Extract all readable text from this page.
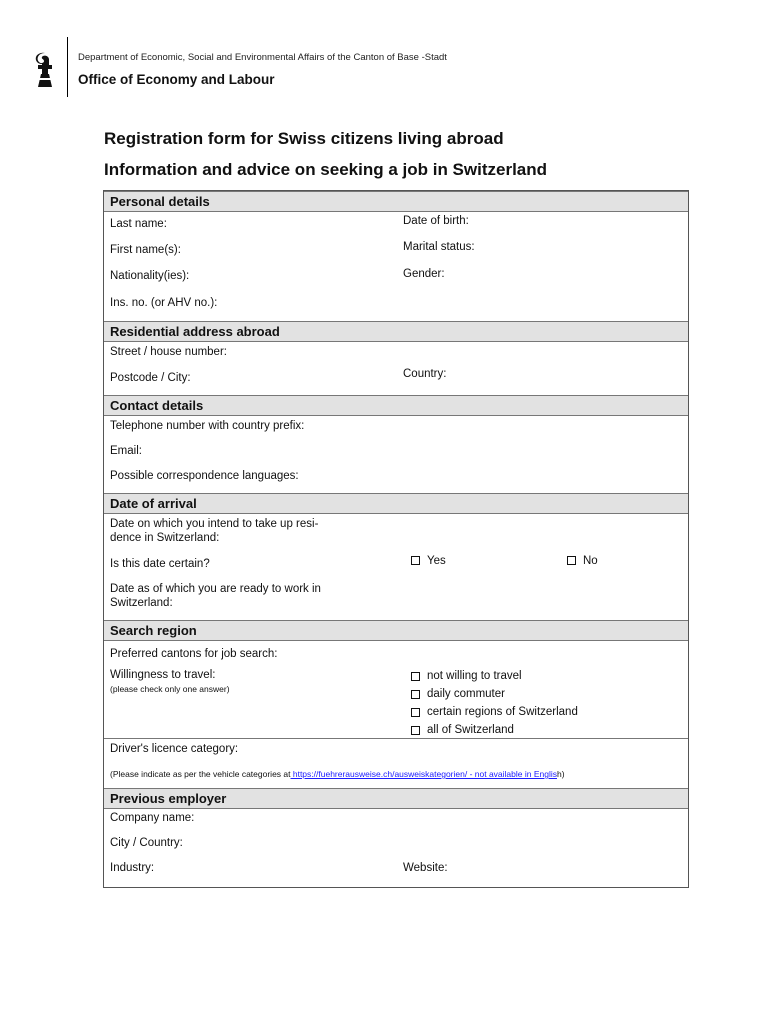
Department of Economic, Social and Environmental Affairs of the Canton of Base -Stadt
Office of Economy and Labour
Registration form for Swiss citizens living abroad
Information and advice on seeking a job in Switzerland
Personal details
Last name:	Date of birth:
First name(s):	Marital status:
Nationality(ies):	Gender:
Ins. no. (or AHV no.):
Residential address abroad
Street / house number:
Postcode / City:	Country:
Contact details
Telephone number with country prefix:
Email:
Possible correspondence languages:
Date of arrival
Date on which you intend to take up resi-
dence in Switzerland:
Is this date certain?	Yes	No
Date as of which you are ready to work in
Switzerland:
Search region
Preferred cantons for job search:
Willingness to travel:
(please check only one answer)
not willing to travel
daily commuter
certain regions of Switzerland
all of Switzerland
Driver's licence category:
(Please indicate as per the vehicle categories at https://fuehrerausweise.ch/ausweiskategorien/ - not available in English)
Previous employer
Company name:
City / Country:
Industry:	Website:
